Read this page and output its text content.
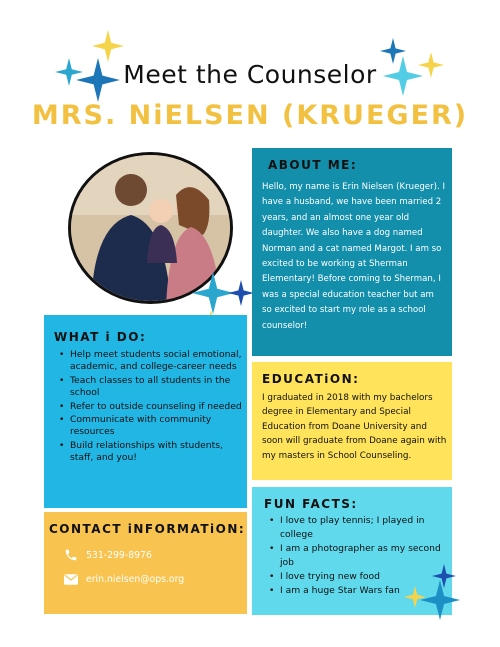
Meet the Counselor
MRS. NiELSEN (KRUEGER)
ABOUT ME:
Hello, my name is Erin Nielsen (Krueger). I have a husband, we have been married 2 years, and an almost one year old daughter. We also have a dog named Norman and a cat named Margot. I am so excited to be working at Sherman Elementary! Before coming to Sherman, I was a special education teacher but am so excited to start my role as a school counselor!
WHAT i DO:
• Help meet students social emotional, academic, and college-career needs
• Teach classes to all students in the school
• Refer to outside counseling if needed
• Communicate with community resources
• Build relationships with students, staff, and you!
EDUCATiON:
I graduated in 2018 with my bachelors degree in Elementary and Special Education from Doane University and soon will graduate from Doane again with my masters in School Counseling.
CONTACT iNFORMATiON:
531-299-8976
erin.nielsen@ops.org
FUN FACTS:
• I love to play tennis; I played in college
• I am a photographer as my second job
• I love trying new food
• I am a huge Star Wars fan
